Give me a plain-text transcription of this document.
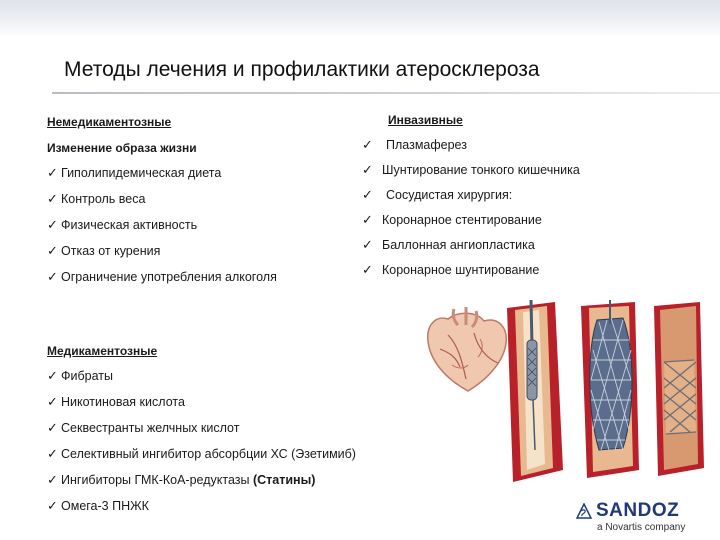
Методы лечения и профилактики атеросклероза
Немедикаментозные
Изменение образа жизни
✓ Гиполипидемическая диета
✓ Контроль веса
✓ Физическая активность
✓ Отказ от курения
✓ Ограничение употребления алкоголя
Медикаментозные
✓ Фибраты
✓ Никотиновая кислота
✓ Секвестранты желчных кислот
✓ Селективный ингибитор абсорбции ХС (Эзетимиб)
✓ Ингибиторы ГМК-КоА-редуктазы (Статины)
✓ Омега-3 ПНЖК
Инвазивные
✓ Плазмаферез
✓ Шунтирование тонкого кишечника
✓ Сосудистая хирургия:
✓ Коронарное стентирование
✓ Баллонная ангиопластика
✓ Коронарное шунтирование
SANDOZ
a Novartis company
